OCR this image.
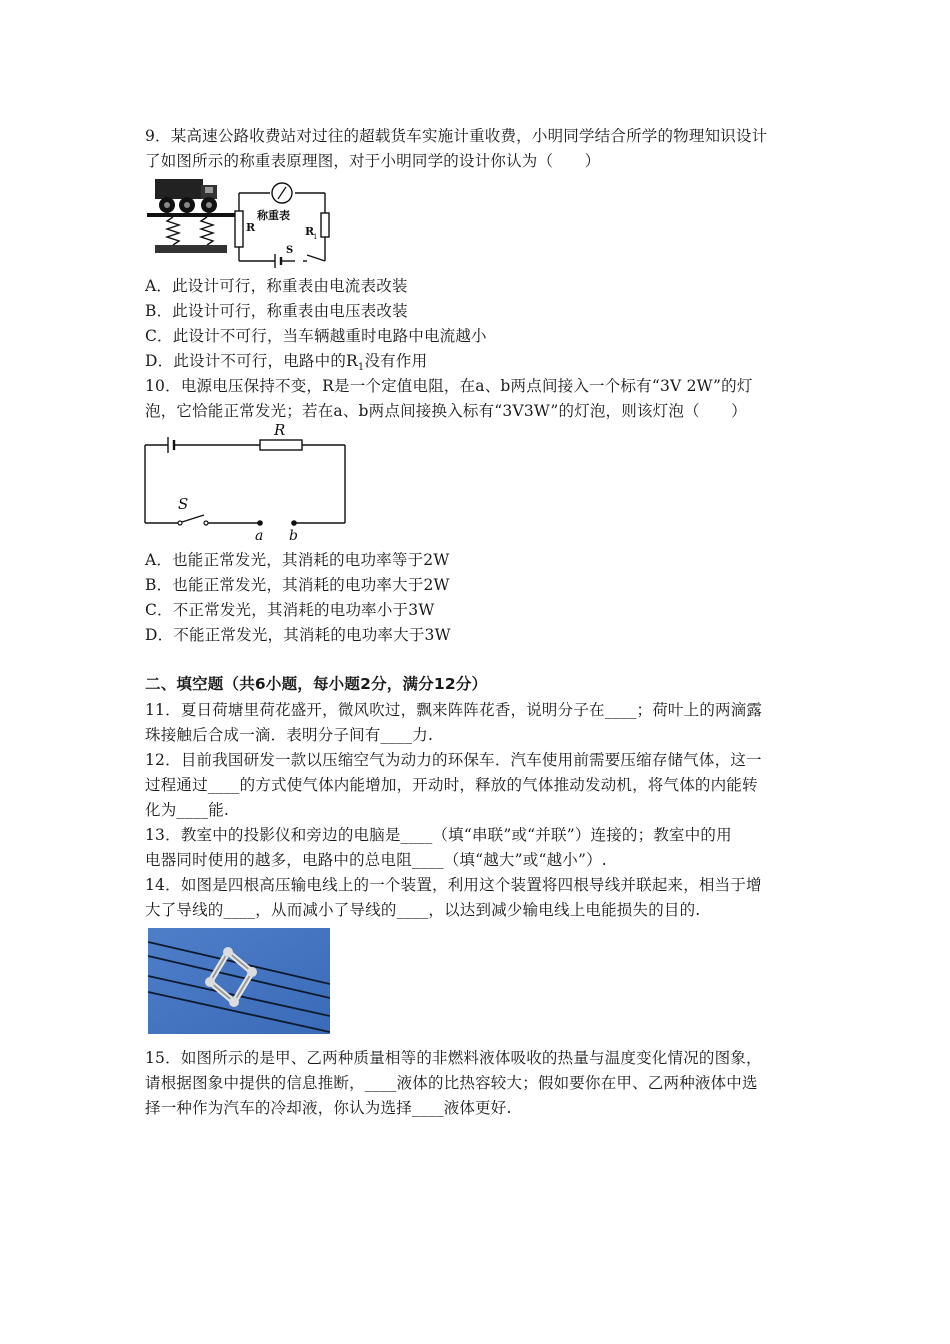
9．某高速公路收费站对过往的超载货车实施计重收费，小明同学结合所学的物理知识设计
了如图所示的称重表原理图，对于小明同学的设计你认为（　　）
称重表
R	R
1
S
A．此设计可行，称重表由电流表改装
B．此设计可行，称重表由电压表改装
C．此设计不可行，当车辆越重时电路中电流越小
D．此设计不可行，电路中的$R_1$没有作用
10．电源电压保持不变，R是一个定值电阻，在a、b两点间接入一个标有“3V 2W”的灯
泡，它恰能正常发光；若在a、b两点间接换入标有“3V3W”的灯泡，则该灯泡（　　）
R
S
a b
A．也能正常发光，其消耗的电功率等于2W
B．也能正常发光，其消耗的电功率大于2W
C．不正常发光，其消耗的电功率小于3W
D．不能正常发光，其消耗的电功率大于3W
二、填空题（共6小题，每小题2分，满分12分）
11．夏日荷塘里荷花盛开，微风吹过，飘来阵阵花香，说明分子在____；荷叶上的两滴露
珠接触后合成一滴．表明分子间有____力.
12．目前我国研发一款以压缩空气为动力的环保车．汽车使用前需要压缩存储气体，这一
过程通过____的方式使气体内能增加，开动时，释放的气体推动发动机，将气体的内能转
化为____能.
13．教室中的投影仪和旁边的电脑是____（填“串联”或“并联”）连接的；教室中的用
电器同时使用的越多，电路中的总电阻____（填“越大”或“越小”）.
14．如图是四根高压输电线上的一个装置，利用这个装置将四根导线并联起来，相当于增
大了导线的____，从而减小了导线的____，以达到减少输电线上电能损失的目的.
15．如图所示的是甲、乙两种质量相等的非燃料液体吸收的热量与温度变化情况的图象，
请根据图象中提供的信息推断，____液体的比热容较大；假如要你在甲、乙两种液体中选
择一种作为汽车的冷却液，你认为选择____液体更好.
